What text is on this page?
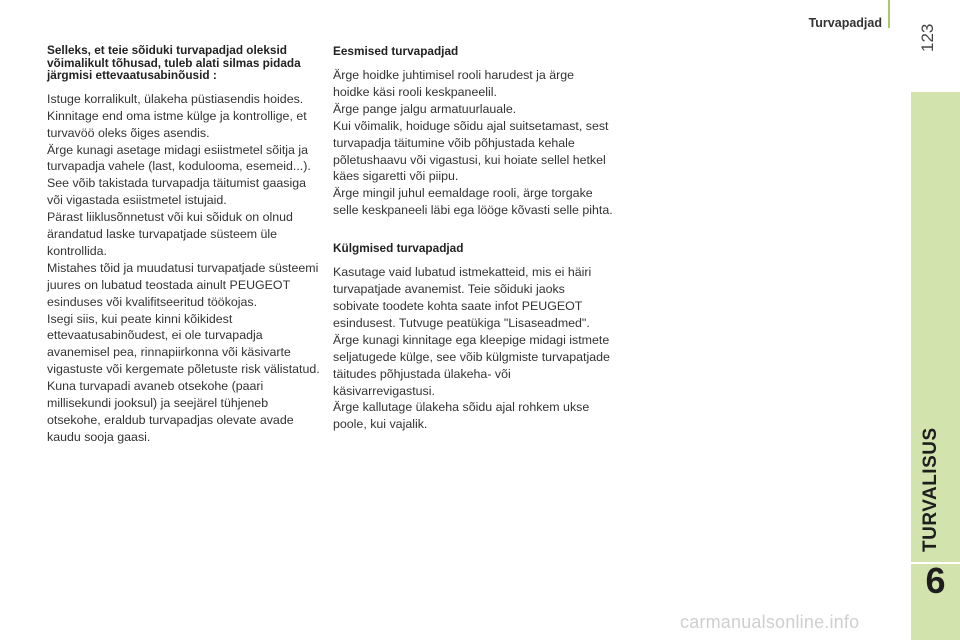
Turvapadjad
123
TURVALISUS
6
Selleks, et teie sõiduki turvapadjad oleksid võimalikult tõhusad, tuleb alati silmas pidada järgmisi ettevaatusabinõusid :

Istuge korralikult, ülakeha püstiasendis hoides.

Kinnitage end oma istme külge ja kontrollige, et turvavöö oleks õiges asendis.

Ärge kunagi asetage midagi esiistmetel sõitja ja turvapadja vahele (last, koduloomа, esemeid...).

See võib takistada turvapadja täitumist gaasiga või vigastada esiistmetel istujaid.

Pärast liiklusõnnetust või kui sõiduk on olnud ärandatud laske turvapatjade süsteem üle kontrollida.

Mistahes tõid ja muudatusi turvapatjade süsteemi juures on lubatud teostada ainult PEUGEOT esinduses või kvalifitseeritud töökojas.

Isegi siis, kui peate kinni kõikidest ettevaatusabinõudest, ei ole turvapadja avanemisel pea, rinnapiirkonna või käsivarte vigastuste või kergemate põletuste risk välistatud. Kuna turvapadi avaneb otsekohe (paari millisekundi jooksul) ja seejärel tühjeneb otsekohe, eraldub turvapadjas olevate avade kaudu sooja gaasi.

Eesmised turvapadjad

Ärge hoidke juhtimisel rooli harudest ja ärge hoidke käsi rooli keskpaneelil.

Ärge pange jalgu armatuurlauale.

Kui võimalik, hoiduge sõidu ajal suitsetamast, sest turvapadja täitumine võib põhjustada kehale põletushaavu või vigastusi, kui hoiate sellel hetkel käes sigaretti või piipu.

Ärge mingil juhul eemaldage rooli, ärge torgake selle keskpaneeli läbi ega lööge kõvasti selle pihta.

Külgmised turvapadjad

Kasutage vaid lubatud istmekatteid, mis ei häiri turvapatjade avanemist. Teie sõiduki jaoks sobivate toodete kohta saate infot PEUGEOT esindusest. Tutvuge peatükiga "Lisaseadmed".

Ärge kunagi kinnitage ega kleepige midagi istmete seljatugede külge, see võib külgmiste turvapatjade täitudes põhjustada ülakeha- või käsivarrevigastusi.

Ärge kallutage ülakeha sõidu ajal rohkem ukse poole, kui vajalik.

carmanualsonline.info
